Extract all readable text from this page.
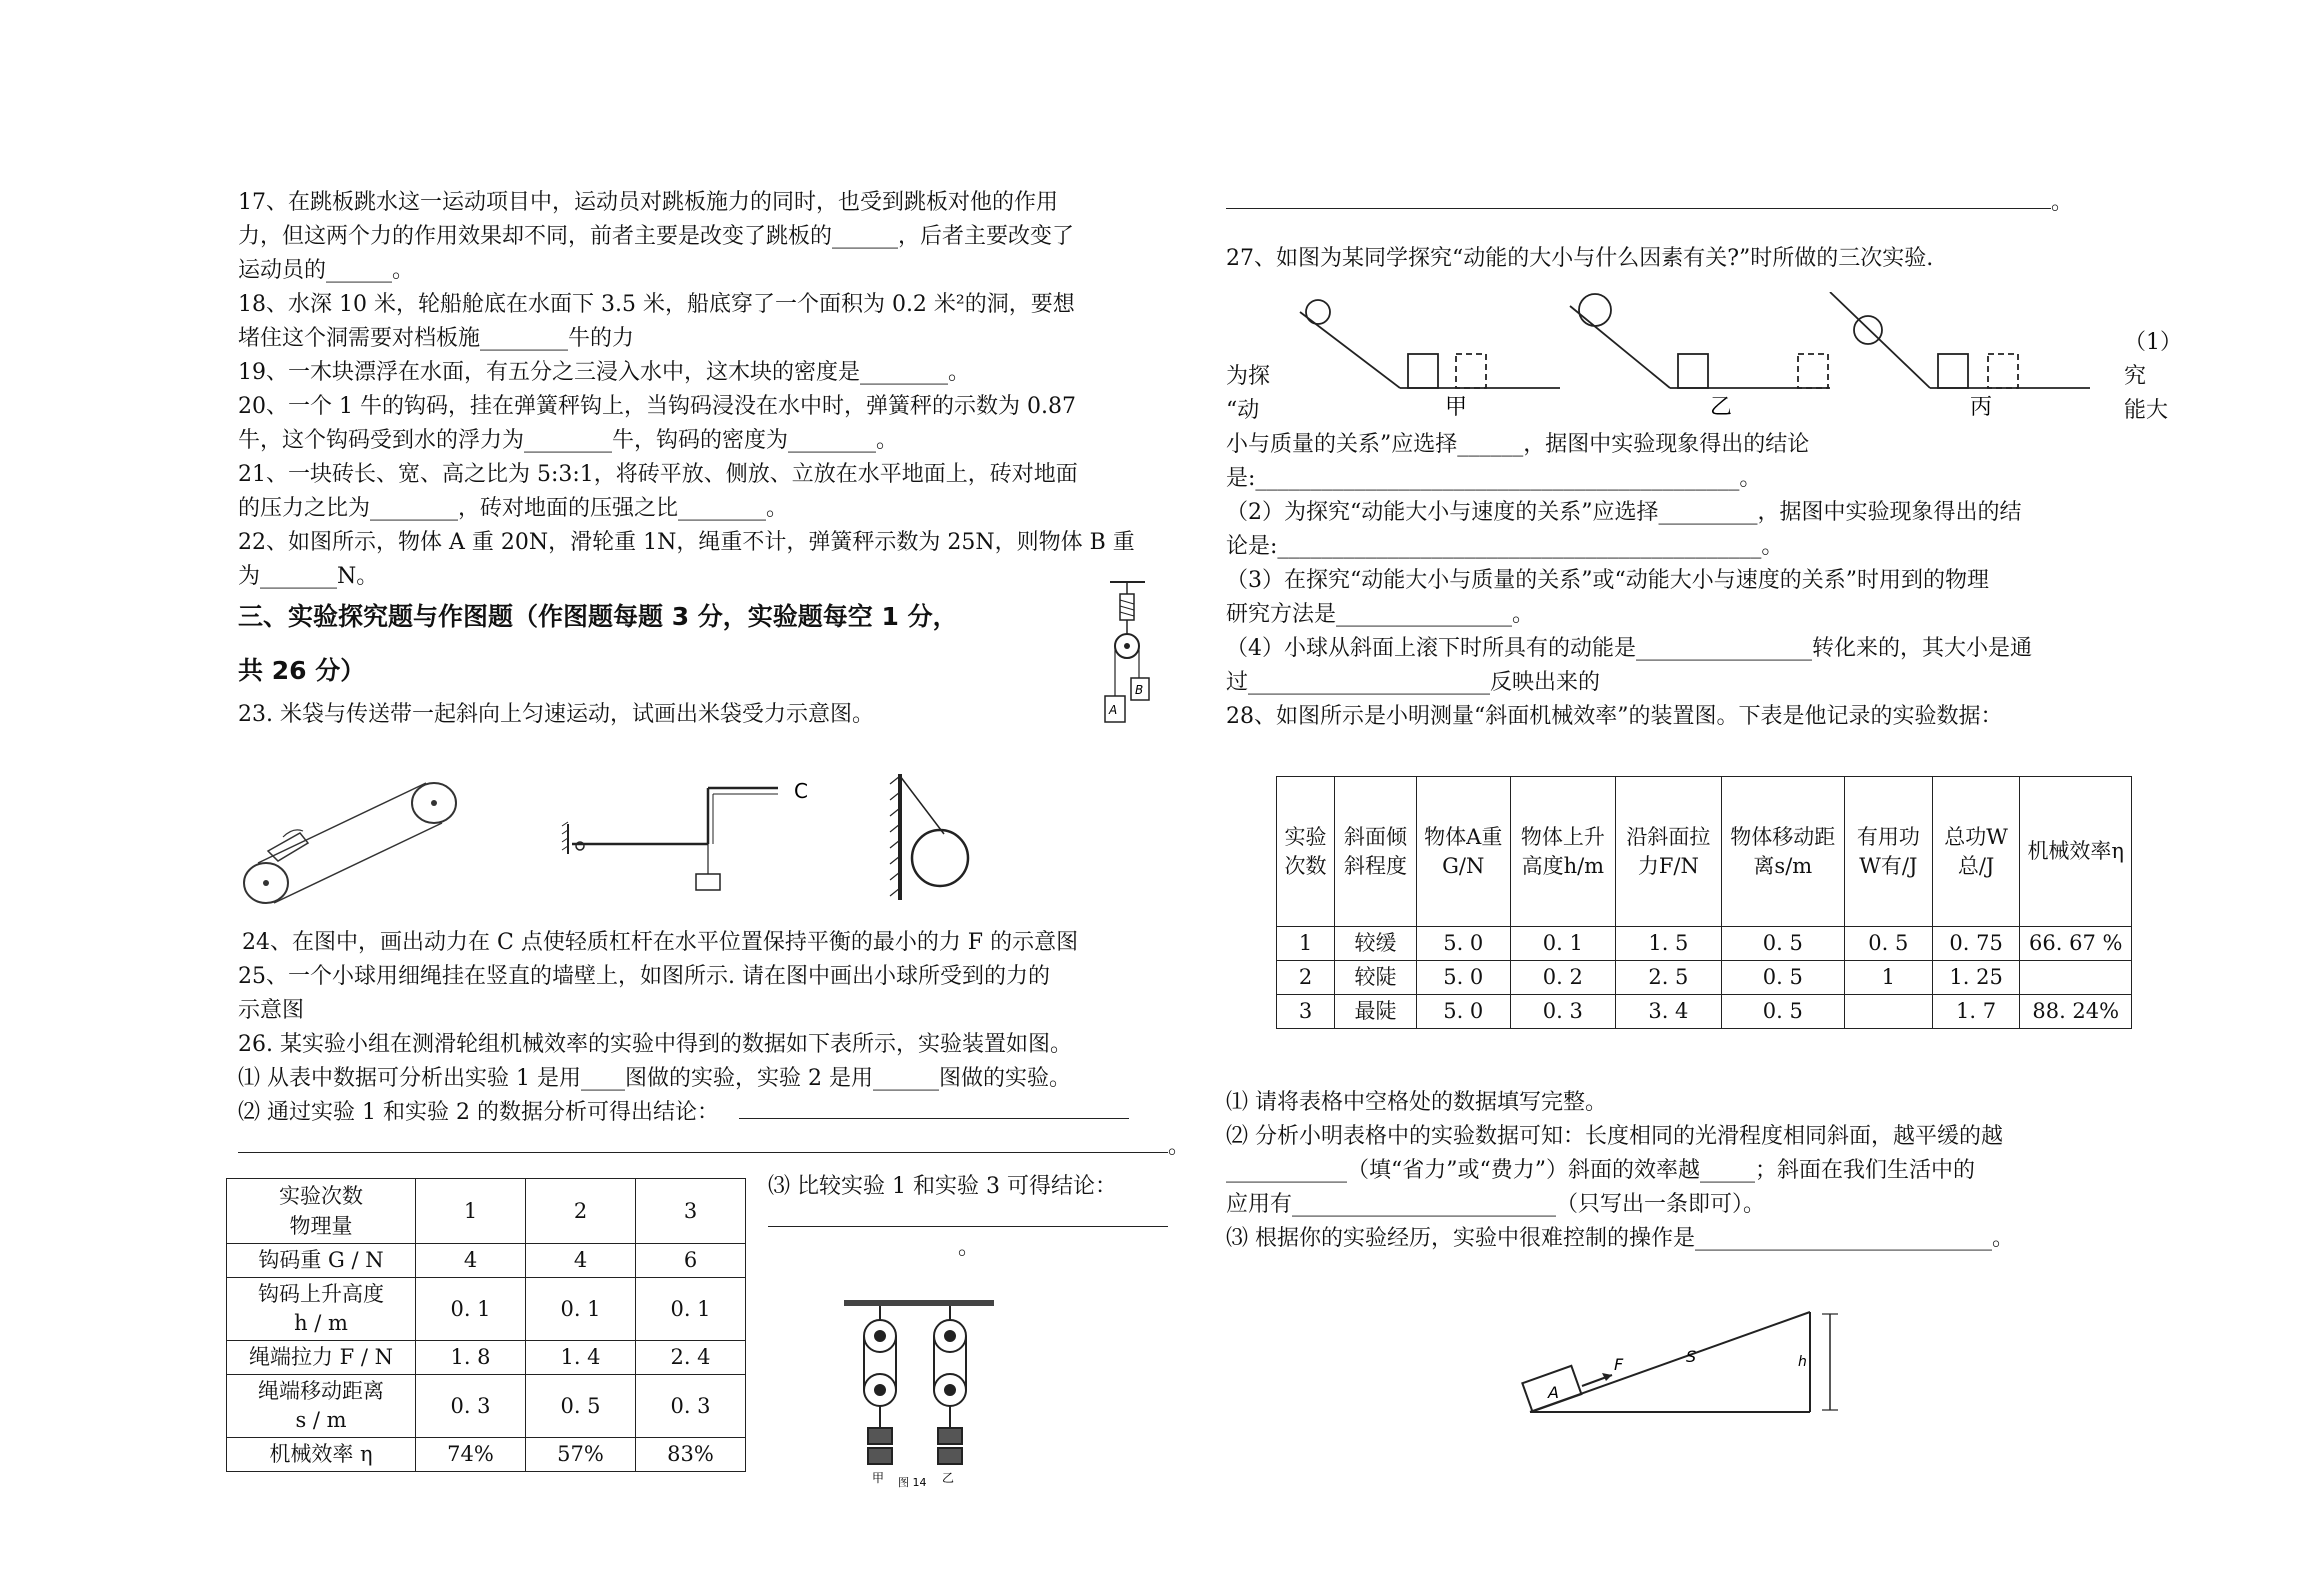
17、在跳板跳水这一运动项目中，运动员对跳板施力的同时，也受到跳板对他的作用
力，但这两个力的作用效果却不同，前者主要是改变了跳板的______，后者主要改变了
运动员的______。
18、水深 10 米，轮船舱底在水面下 3.5 米，船底穿了一个面积为 0.2 米²的洞，要想
堵住这个洞需要对档板施________牛的力
19、一木块漂浮在水面，有五分之三浸入水中，这木块的密度是________。
20、一个 1 牛的钩码，挂在弹簧秤钩上，当钩码浸没在水中时，弹簧秤的示数为 0.87
牛，这个钩码受到水的浮力为________牛，钩码的密度为________。
21、一块砖长、宽、高之比为 5:3:1，将砖平放、侧放、立放在水平地面上，砖对地面
的压力之比为________，砖对地面的压强之比________。
22、如图所示，物体 A 重 20N，滑轮重 1N，绳重不计，弹簧秤示数为 25N，则物体 B 重
为_______N。
三、实验探究题与作图题（作图题每题 3 分，实验题每空 1 分，
共 26 分）
23. 米袋与传送带一起斜向上匀速运动，试画出米袋受力示意图。	A
B
C
24、在图中，画出动力在 C 点使轻质杠杆在水平位置保持平衡的最小的力 F 的示意图
25、一个小球用细绳挂在竖直的墙壁上，如图所示. 请在图中画出小球所受到的力的
示意图
26. 某实验小组在测滑轮组机械效率的实验中得到的数据如下表所示，实验装置如图。
⑴ 从表中数据可分析出实验 1 是用____图做的实验，实验 2 是用______图做的实验。
⑵ 通过实验 1 和实验 2 的数据分析可得出结论：
。
实验次数
物理量	1	2	3
钩码重 G / N	4	4	6

钩码上升高度
h / m	0. 1	0. 1	0. 1
绳端拉力 F / N	1. 8	1. 4	2. 4

绳端移动距离
s / m	0. 3	0. 5	0. 3
机械效率 η	74%	57%	83%
⑶ 比较实验 1 和实验 3 可得结论：
。
甲	乙
图 14
。
27、如图为某同学探究“动能的大小与什么因素有关?”时所做的三次实验.
甲	乙	丙
为探
“动
（1）
究
能大
小与质量的关系”应选择______，据图中实验现象得出的结论
是:____________________________________________。
（2）为探究“动能大小与速度的关系”应选择_________，据图中实验现象得出的结
论是:____________________________________________。
（3）在探究“动能大小与质量的关系”或“动能大小与速度的关系”时用到的物理
研究方法是________________。
（4）小球从斜面上滚下时所具有的动能是________________转化来的，其大小是通
过______________________反映出来的
28、如图所示是小明测量“斜面机械效率”的装置图。下表是他记录的实验数据：
实验次数	斜面倾斜程度	物体A重G/N	物体上升高度h/m	沿斜面拉力F/N	物体移动距离s/m	有用功W有/J	总功W总/J	机械效率η
1	较缓	5. 0	0. 1	1. 5	0. 5	0. 5	0. 75	66. 67 %
2	较陡	5. 0	0. 2	2. 5	0. 5	1	1. 25	
3	最陡	5. 0	0. 3	3. 4	0. 5		1. 7	88. 24%
⑴ 请将表格中空格处的数据填写完整。
⑵ 分析小明表格中的实验数据可知：长度相同的光滑程度相同斜面，越平缓的越
___________（填“省力”或“费力”）斜面的效率越_____；斜面在我们生活中的
应用有________________________（只写出一条即可）。
⑶ 根据你的实验经历，实验中很难控制的操作是___________________________。
A
F	S	h
